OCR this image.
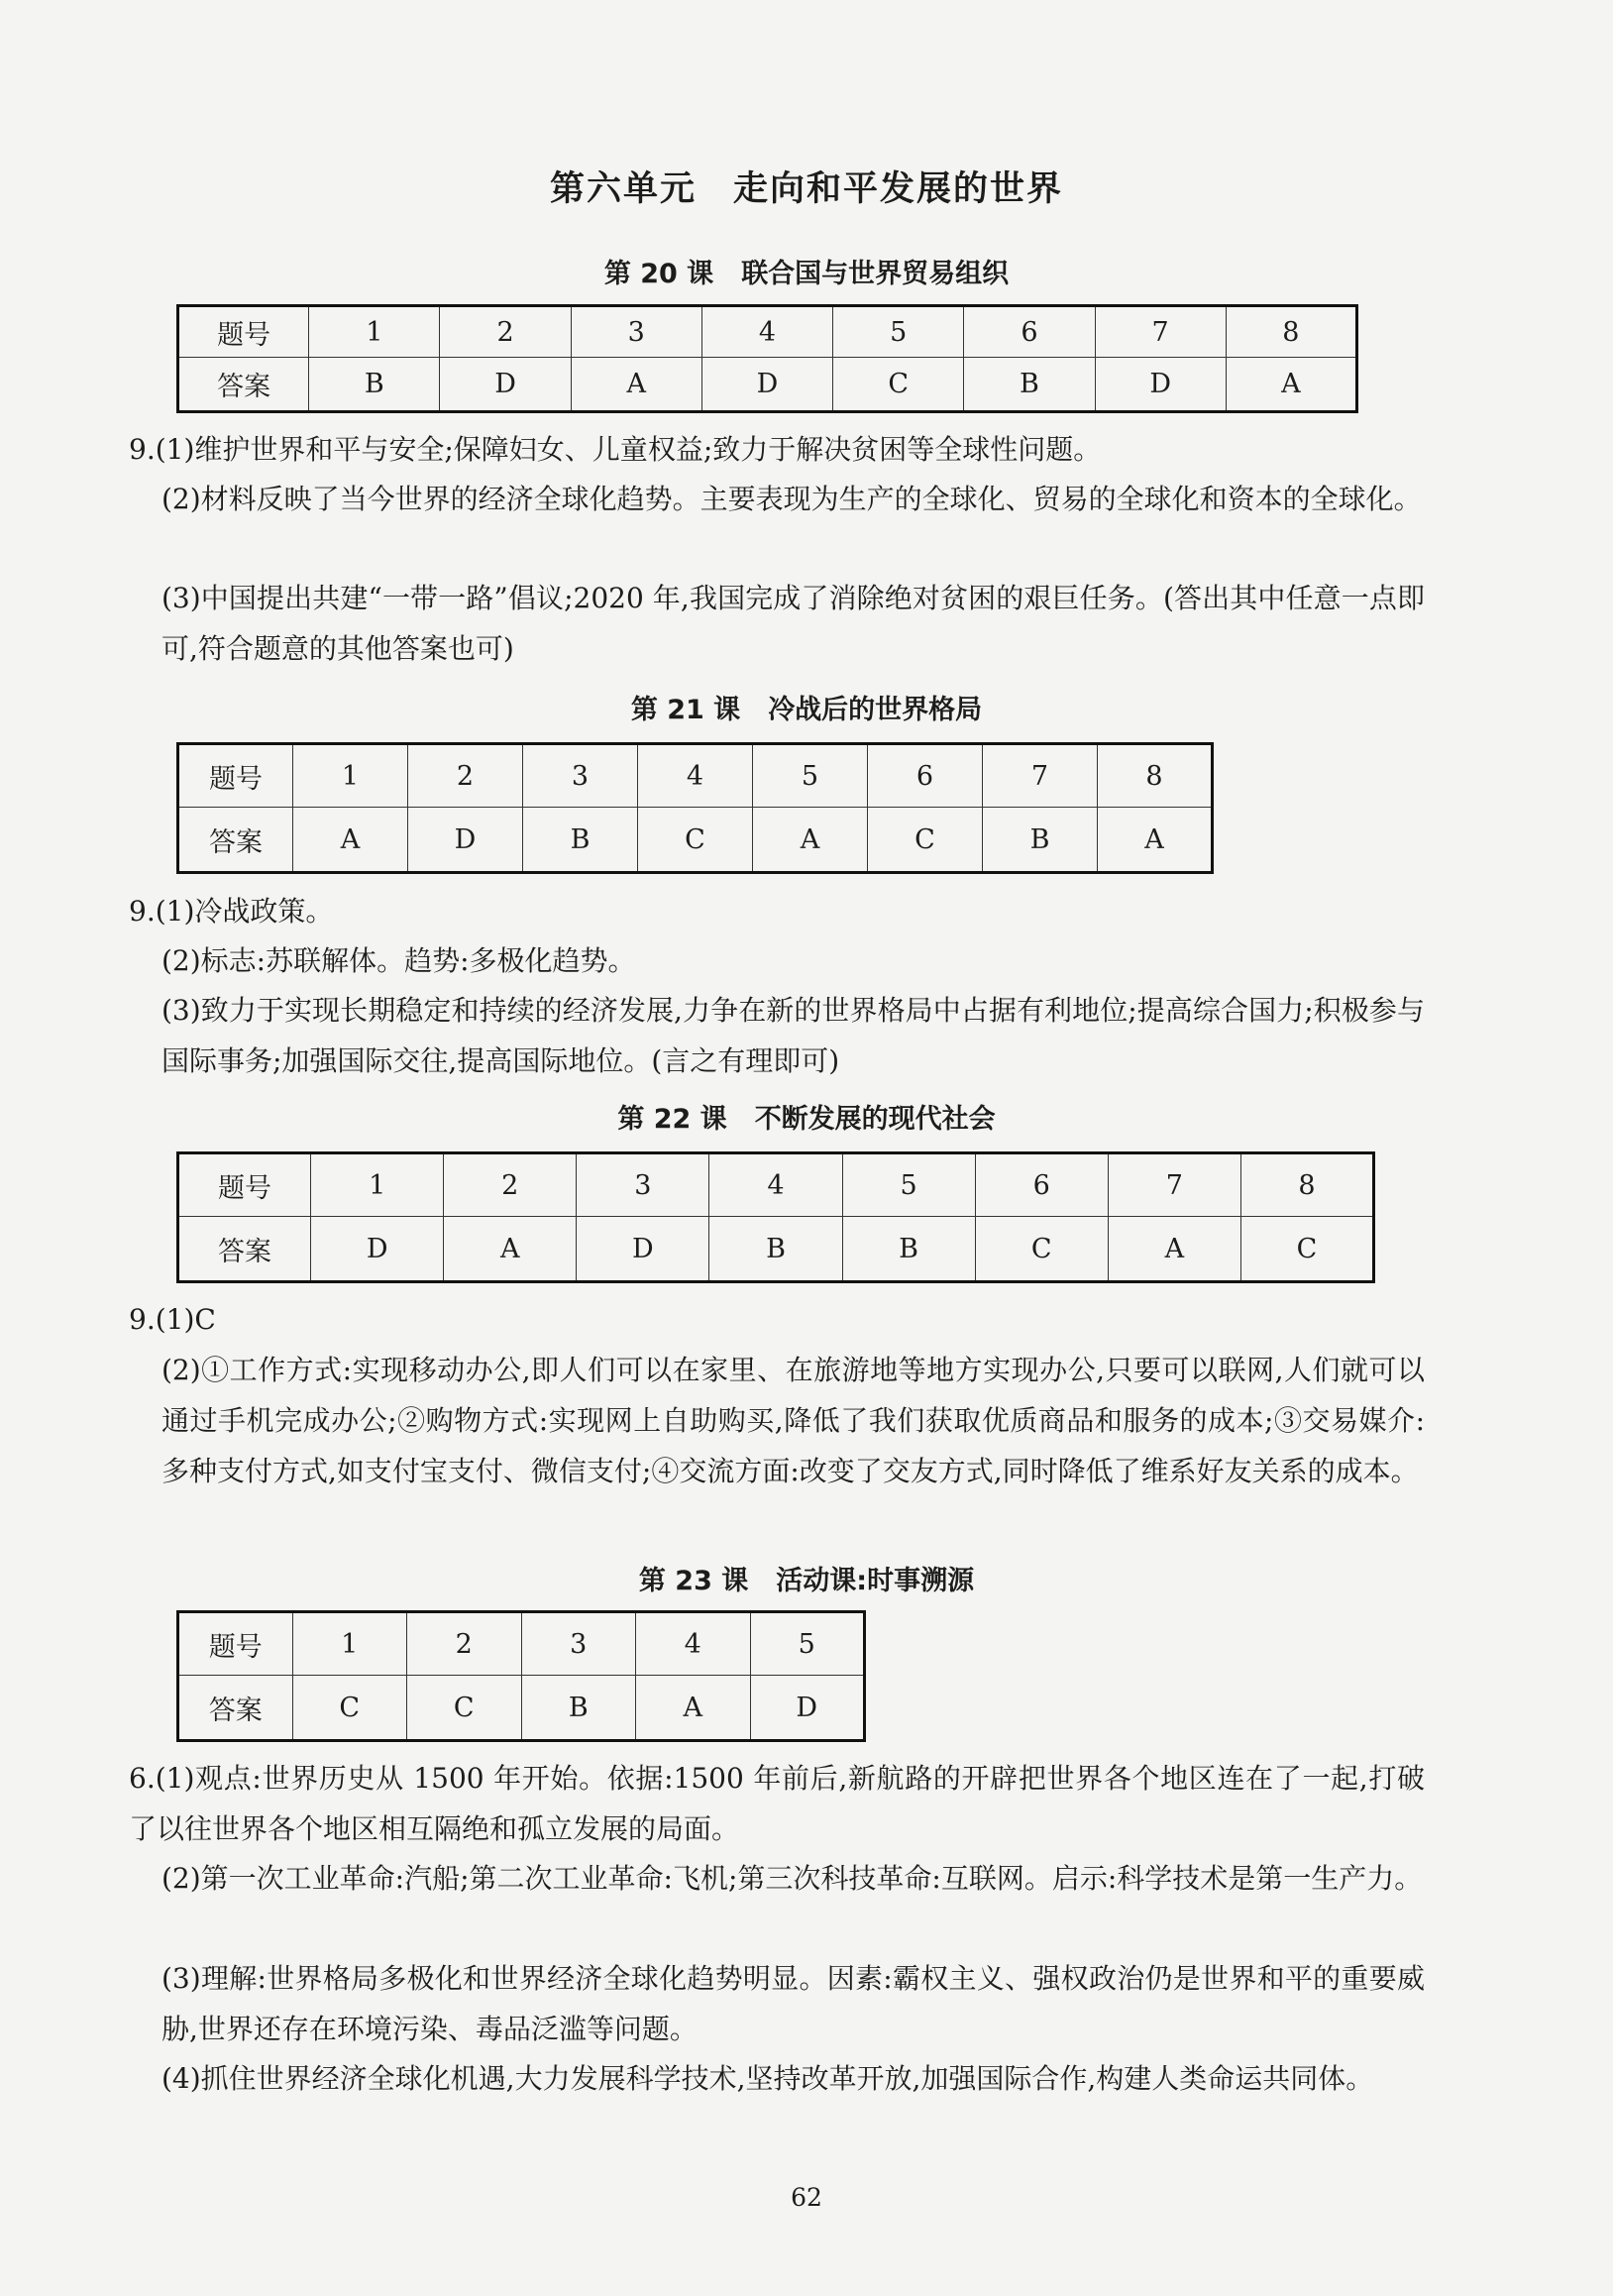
第六单元　走向和平发展的世界
第 20 课 联合国与世界贸易组织
题号	1	2	3	4	5	6	7	8
答案	B	D	A	D	C	B	D	A

9.(1)维护世界和平与安全;保障妇女、儿童权益;致力于解决贫困等全球性问题。

(2)材料反映了当今世界的经济全球化趋势。主要表现为生产的全球化、贸易的全球化和资本的全球化。

(3)中国提出共建“一带一路”倡议;2020 年,我国完成了消除绝对贫困的艰巨任务。(答出其中任意一点即可,符合题意的其他答案也可)

第 21 课 冷战后的世界格局
题号	1	2	3	4	5	6	7	8
答案	A	D	B	C	A	C	B	A

9.(1)冷战政策。

(2)标志:苏联解体。趋势:多极化趋势。

(3)致力于实现长期稳定和持续的经济发展,力争在新的世界格局中占据有利地位;提高综合国力;积极参与国际事务;加强国际交往,提高国际地位。(言之有理即可)

第 22 课 不断发展的现代社会
题号	1	2	3	4	5	6	7	8
答案	D	A	D	B	B	C	A	C

9.(1)C

(2)①工作方式:实现移动办公,即人们可以在家里、在旅游地等地方实现办公,只要可以联网,人们就可以通过手机完成办公;②购物方式:实现网上自助购买,降低了我们获取优质商品和服务的成本;③交易媒介:多种支付方式,如支付宝支付、微信支付;④交流方面:改变了交友方式,同时降低了维系好友关系的成本。

第 23 课 活动课:时事溯源
题号	1	2	3	4	5
答案	C	C	B	A	D

6.(1)观点:世界历史从 1500 年开始。依据:1500 年前后,新航路的开辟把世界各个地区连在了一起,打破了以往世界各个地区相互隔绝和孤立发展的局面。

(2)第一次工业革命:汽船;第二次工业革命:飞机;第三次科技革命:互联网。启示:科学技术是第一生产力。

(3)理解:世界格局多极化和世界经济全球化趋势明显。因素:霸权主义、强权政治仍是世界和平的重要威胁,世界还存在环境污染、毒品泛滥等问题。

(4)抓住世界经济全球化机遇,大力发展科学技术,坚持改革开放,加强国际合作,构建人类命运共同体。

62
